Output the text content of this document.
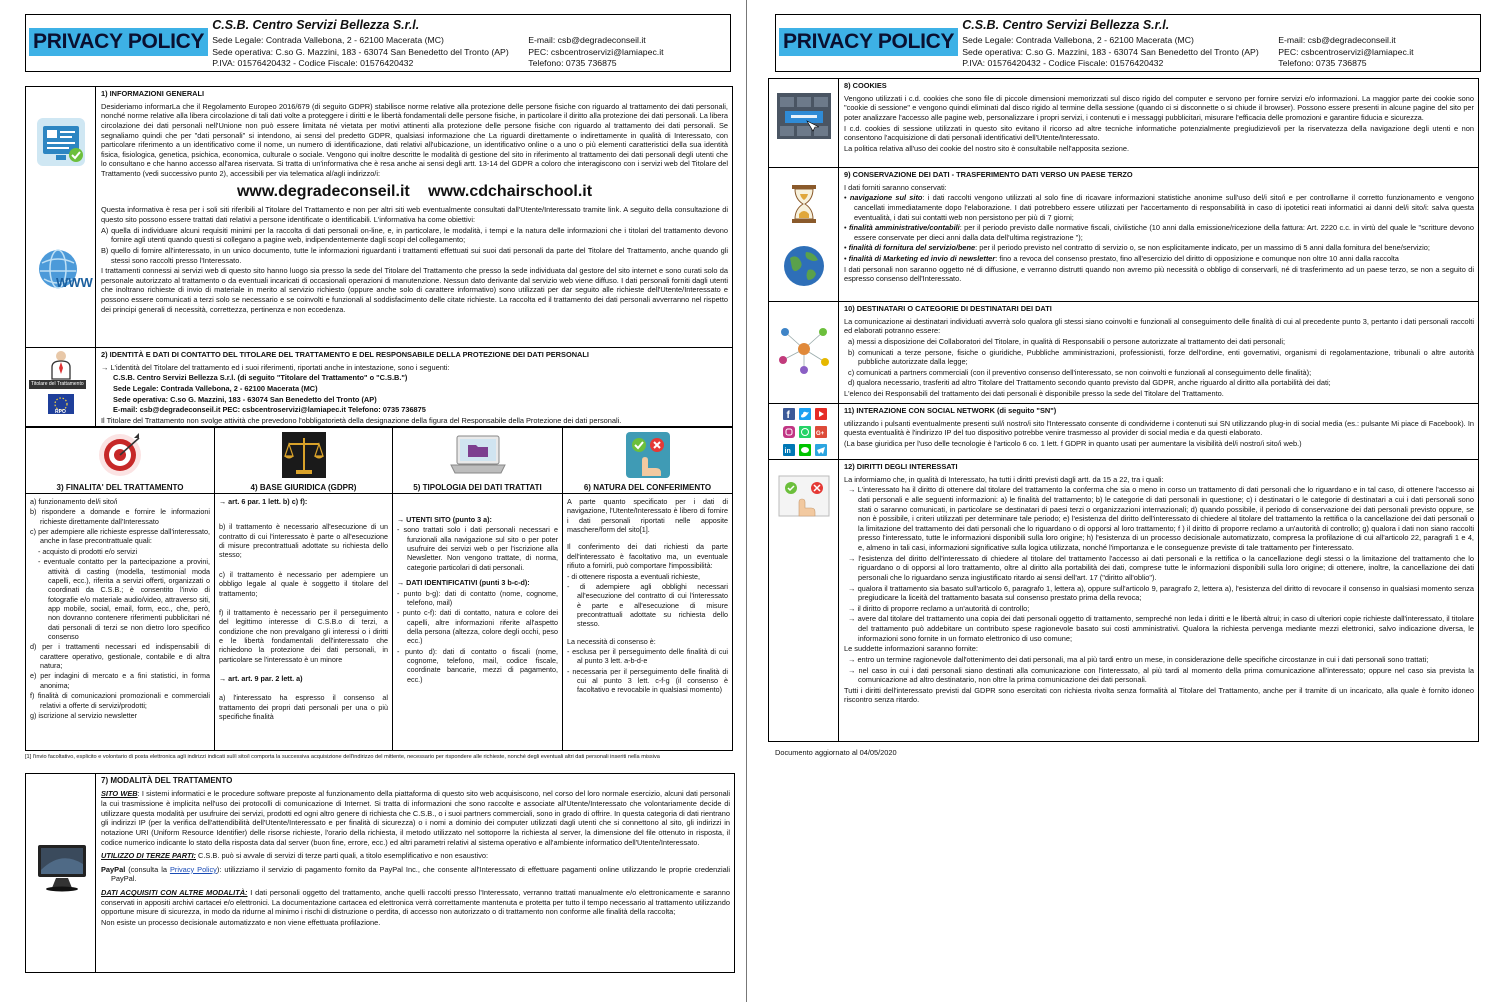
PRIVACY POLICY
C.S.B. Centro Servizi Bellezza S.r.l.
Sede Legale: Contrada Vallebona, 2 - 62100 Macerata (MC)	E-mail: csb@degradeconseil.it
Sede operativa: C.so G. Mazzini, 183 - 63074 San Benedetto del Tronto (AP)	PEC: csbcentroservizi@lamiapec.it
P.IVA: 01576420432 - Codice Fiscale: 01576420432	Telefono: 0735 736875
WWW
1) INFORMAZIONI GENERALI

Desideriamo informarLa che il Regolamento Europeo 2016/679 (di seguito GDPR) stabilisce norme relative alla protezione delle persone fisiche con riguardo al trattamento dei dati personali, nonché norme relative alla libera circolazione di tali dati volte a proteggere i diritti e le libertà fondamentali delle persone fisiche, in particolare il diritto alla protezione dei dati personali. La libera circolazione dei dati personali nell'Unione non può essere limitata né vietata per motivi attinenti alla protezione delle persone fisiche con riguardo al trattamento dei dati personali. Se segnaliamo quindi che per "dati personali" si intendono, ai sensi del predetto GDPR, qualsiasi informazione che La riguardi direttamente o indirettamente in qualità di Interessato, con particolare riferimento a un identificativo come il nome, un numero di identificazione, dati relativi all'ubicazione, un identificativo online o a uno o più elementi caratteristici della sua identità fisica, fisiologica, genetica, psichica, economica, culturale o sociale. Vengono qui inoltre descritte le modalità di gestione del sito in riferimento al trattamento dei dati personali degli utenti che lo consultano e che hanno accesso all'area riservata. Si tratta di un'informativa che è resa anche ai sensi degli artt. 13-14 del GDPR a coloro che interagiscono con i servizi web del Titolare del Trattamento (vedi successivo punto 2), accessibili per via telematica al/agli indirizzo/i:

www.degradeconseil.it www.cdchairschool.it

Questa informativa è resa per i soli siti riferibili al Titolare del Trattamento e non per altri siti web eventualmente consultati dall'Utente/Interessato tramite link. A seguito della consultazione di questo sito possono essere trattati dati relativi a persone identificate o identificabili. L'informativa ha come obiettivi:

A) quella di individuare alcuni requisiti minimi per la raccolta di dati personali on-line, e, in particolare, le modalità, i tempi e la natura delle informazioni che i titolari del trattamento devono fornire agli utenti quando questi si collegano a pagine web, indipendentemente dagli scopi del collegamento;

B) quello di fornire all'interessato, in un unico documento, tutte le informazioni riguardanti i trattamenti effettuati sui suoi dati personali da parte del Titolare del Trattamento, anche quando gli stessi sono raccolti presso l'Interessato.

I trattamenti connessi ai servizi web di questo sito hanno luogo sia presso la sede del Titolare del Trattamento che presso la sede individuata dal gestore del sito internet e sono curati solo da personale autorizzato al trattamento o da eventuali incaricati di occasionali operazioni di manutenzione. Nessun dato derivante dal servizio web viene diffuso. I dati personali forniti dagli utenti che inoltrano richieste di invio di materiale in merito al servizio richiesto (oppure anche solo di carattere informativo) sono utilizzati per dar seguito alle richieste dell'Utente/Interessato e possono essere comunicati a terzi solo se necessario e se coinvolti e funzionali al soddisfacimento delle citate richieste. La raccolta ed il trattamento dei dati personali avverranno nel rispetto dei principi generali di necessità, correttezza, pertinenza e non eccedenza.

Titolare del Trattamento
RPO
2) IDENTITÀ E DATI DI CONTATTO DEL TITOLARE DEL TRATTAMENTO E DEL RESPONSABILE DELLA PROTEZIONE DEI DATI PERSONALI

→ L'identità del Titolare del trattamento ed i suoi riferimenti, riportati anche in intestazione, sono i seguenti:

C.S.B. Centro Servizi Bellezza S.r.l. (di seguito "Titolare del Trattamento" o "C.S.B.")

Sede Legale: Contrada Vallebona, 2 - 62100 Macerata (MC)

Sede operativa: C.so G. Mazzini, 183 - 63074 San Benedetto del Tronto (AP)

E-mail: csb@degradeconseil.it PEC: csbcentroservizi@lamiapec.it Telefono: 0735 736875

Il Titolare del Trattamento non svolge attività che prevedono l'obbligatorietà della designazione della figura del Responsabile della Protezione dei dati personali.

3) FINALITA' DEL TRATTAMENTO

a) funzionamento del/i sito/i

b) rispondere a domande e fornire le informazioni richieste direttamente dall'Interessato

c) per adempiere alle richieste espresse dall'interessato, anche in fase precontrattuale quali:

- acquisto di prodotti e/o servizi

- eventuale contatto per la partecipazione a provini, attività di casting (modella, testimonial moda capelli, ecc.), riferita a servizi offerti, organizzati o coordinati da C.S.B.; è consentito l'invio di fotografie e/o materiale audio/video, attraverso siti, app mobile, social, email, form, ecc., che, però, non dovranno contenere riferimenti pubblicitari né dati personali di terzi se non dietro loro specifico consenso

d) per i trattamenti necessari ed indispensabili di carattere operativo, gestionale, contabile e di altra natura;

e) per indagini di mercato e a fini statistici, in forma anonima;

f) finalità di comunicazioni promozionali e commerciali relativi a offerte di servizi/prodotti;

g) iscrizione al servizio newsletter

4) BASE GIURIDICA (GDPR)

→ art. 6 par. 1 lett. b) c) f):

b) il trattamento è necessario all'esecuzione di un contratto di cui l'interessato è parte o all'esecuzione di misure precontrattuali adottate su richiesta dello stesso;

c) il trattamento è necessario per adempiere un obbligo legale al quale è soggetto il titolare del trattamento;

f) il trattamento è necessario per il perseguimento del legittimo interesse di C.S.B.o di terzi, a condizione che non prevalgano gli interessi o i diritti e le libertà fondamentali dell'interessato che richiedono la protezione dei dati personali, in particolare se l'interessato è un minore

→ art. art. 9 par. 2 lett. a)

a) l'interessato ha espresso il consenso al trattamento dei propri dati personali per una o più specifiche finalità

5) TIPOLOGIA DEI DATI TRATTATI

→ UTENTI SITO (punto 3 a):

- sono trattati solo i dati personali necessari e funzionali alla navigazione sul sito o per poter usufruire dei servizi web o per l'iscrizione alla Newsletter. Non vengono trattate, di norma, categorie particolari di dati personali.

→ DATI IDENTIFICATIVI (punti 3 b-c-d):

- punto b-g): dati di contatto (nome, cognome, telefono, mail)

- punto c-f): dati di contatto, natura e colore dei capelli, altre informazioni riferite all'aspetto della persona (altezza, colore degli occhi, peso ecc.)

- punto d): dati di contatto o fiscali (nome, cognome, telefono, mail, codice fiscale, coordinate bancarie, mezzi di pagamento, ecc.)

6) NATURA DEL CONFERIMENTO

A parte quanto specificato per i dati di navigazione, l'Utente/Interessato è libero di fornire i dati personali riportati nelle apposite maschere/form del sito[1].

Il conferimento dei dati richiesti da parte dell'interessato è facoltativo ma, un eventuale rifiuto a fornirli, può comportare l'impossibilità:

- di ottenere risposta a eventuali richieste,

- di adempiere agli obblighi necessari all'esecuzione del contratto di cui l'interessato è parte e all'esecuzione di misure precontrattuali adottate su richiesta dello stesso.

La necessità di consenso è:

- esclusa per il perseguimento delle finalità di cui al punto 3 lett. a-b-d-e

- necessaria per il perseguimento delle finalità di cui al punto 3 lett. c-f-g (il consenso è facoltativo e revocabile in qualsiasi momento)

[1] l'invio facoltativo, esplicito e volontario di posta elettronica agli indirizzi indicati sul/i sito/i comporta la successiva acquisizione dell'indirizzo del mittente, necessario per rispondere alle richieste, nonché degli eventuali altri dati personali inseriti nella missiva
7) MODALITÀ DEL TRATTAMENTO

SITO WEB: I sistemi informatici e le procedure software preposte al funzionamento della piattaforma di questo sito web acquisiscono, nel corso del loro normale esercizio, alcuni dati personali la cui trasmissione è implicita nell'uso dei protocolli di comunicazione di Internet. Si tratta di informazioni che sono raccolte e associate all'Utente/Interessato che volontariamente decide di utilizzare questa modalità per usufruire dei servizi, prodotti ed ogni altro genere di richiesta che C.S.B., o i suoi partners commerciali, sono in grado di offrire. In questa categoria di dati rientrano gli indirizzi IP (per la verifica dell'attendibilità dell'Utente/Interessato e per finalità di sicurezza) o i nomi a dominio dei computer utilizzati dagli utenti che si connettono al sito, gli indirizzi in notazione URI (Uniform Resource Identifier) delle risorse richieste, l'orario della richiesta, il metodo utilizzato nel sottoporre la richiesta al server, la dimensione del file ottenuto in risposta, il codice numerico indicante lo stato della risposta data dal server (buon fine, errore, ecc.) ed altri parametri relativi al sistema operativo e all'ambiente informatico dell'Utente/Interessato.

UTILIZZO DI TERZE PARTI: C.S.B. può si avvale di servizi di terze parti quali, a titolo esemplificativo e non esaustivo:

PayPal (consulta la Privacy Policy): utilizziamo il servizio di pagamento fornito da PayPal Inc., che consente all'Interessato di effettuare pagamenti online utilizzando le proprie credenziali PayPal.

DATI ACQUISITI CON ALTRE MODALITÀ: I dati personali oggetto del trattamento, anche quelli raccolti presso l'Interessato, verranno trattati manualmente e/o elettronicamente e saranno conservati in appositi archivi cartacei e/o elettronici. La documentazione cartacea ed elettronica verrà correttamente mantenuta e protetta per tutto il tempo necessario al trattamento utilizzando opportune misure di sicurezza, in modo da ridurne al minimo i rischi di distruzione o perdita, di accesso non autorizzato o di trattamento non conforme alle finalità della raccolta;

Non esiste un processo decisionale automatizzato e non viene effettuata profilazione.

PRIVACY POLICY
C.S.B. Centro Servizi Bellezza S.r.l.
Sede Legale: Contrada Vallebona, 2 - 62100 Macerata (MC)	E-mail: csb@degradeconseil.it
Sede operativa: C.so G. Mazzini, 183 - 63074 San Benedetto del Tronto (AP)	PEC: csbcentroservizi@lamiapec.it
P.IVA: 01576420432 - Codice Fiscale: 01576420432	Telefono: 0735 736875
8) COOKIES

Vengono utilizzati i c.d. cookies che sono file di piccole dimensioni memorizzati sul disco rigido del computer e servono per fornire servizi e/o informazioni. La maggior parte dei cookie sono "cookie di sessione" e vengono quindi eliminati dal disco rigido al termine della sessione (quando ci si disconnette o si chiude il browser). Possono essere presenti in alcune pagine del sito per poter analizzare l'accesso alle pagine web, personalizzare i propri servizi, i contenuti e i messaggi pubblicitari, misurare l'efficacia delle promozioni e garantire fiducia e sicurezza.

I c.d. cookies di sessione utilizzati in questo sito evitano il ricorso ad altre tecniche informatiche potenzialmente pregiudizievoli per la riservatezza della navigazione degli utenti e non consentono l'acquisizione di dati personali identificativi dell'Utente/Interessato.

La politica relativa all'uso dei cookie del nostro sito è consultabile nell'apposita sezione.

9) CONSERVAZIONE DEI DATI - TRASFERIMENTO DATI VERSO UN PAESE TERZO

I dati forniti saranno conservati:

• navigazione sul sito: i dati raccolti vengono utilizzati al solo fine di ricavare informazioni statistiche anonime sull'uso del/i sito/i e per controllarne il corretto funzionamento e vengono cancellati immediatamente dopo l'elaborazione. I dati potrebbero essere utilizzati per l'accertamento di responsabilità in caso di ipotetici reati informatici ai danni del/i sito/i: salva questa eventualità, i dati sui contatti web non persistono per più di 7 giorni;

• finalità amministrative/contabili: per il periodo previsto dalle normative fiscali, civilistiche (10 anni dalla emissione/ricezione della fattura: Art. 2220 c.c. in virtù del quale le "scritture devono essere conservate per dieci anni dalla data dell'ultima registrazione ");

• finalità di fornitura del servizio/bene: per il periodo previsto nel contratto di servizio o, se non esplicitamente indicato, per un massimo di 5 anni dalla fornitura del bene/servizio;

• finalità di Marketing ed invio di newsletter: fino a revoca del consenso prestato, fino all'esercizio del diritto di opposizione e comunque non oltre 10 anni dalla raccolta

I dati personali non saranno oggetto né di diffusione, e verranno distrutti quando non avremo più necessità o obbligo di conservarli, né di trasferimento ad un paese terzo, se non a seguito di espresso consenso dell'Interessato.

10) DESTINATARI O CATEGORIE DI DESTINATARI DEI DATI

La comunicazione ai destinatari individuati avverrà solo qualora gli stessi siano coinvolti e funzionali al conseguimento delle finalità di cui al precedente punto 3, pertanto i dati personali raccolti ed elaborati potranno essere:

a) messi a disposizione dei Collaboratori del Titolare, in qualità di Responsabili o persone autorizzate al trattamento dei dati personali;

b) comunicati a terze persone, fisiche o giuridiche, Pubbliche amministrazioni, professionisti, forze dell'ordine, enti governativi, organismi di regolamentazione, tribunali o altre autorità pubbliche autorizzate dalla legge;

c) comunicati a partners commerciali (con il preventivo consenso dell'interessato, se non coinvolti e funzionali al conseguimento delle finalità);

d) qualora necessario, trasferiti ad altro Titolare del Trattamento secondo quanto previsto dal GDPR, anche riguardo al diritto alla portabilità dei dati;

L'elenco dei Responsabili del trattamento dei dati personali è disponibile presso la sede del Titolare del Trattamento.

f
G+
in
11) INTERAZIONE CON SOCIAL NETWORK (di seguito "SN")

utilizzando i pulsanti eventualmente presenti sul/i nostro/i sito l'Interessato consente di condividerne i contenuti sui SN utilizzando plug-in di social media (es.: pulsante Mi piace di Facebook). In questa eventualità è l'indirizzo IP del tuo dispositivo potrebbe venire trasmesso al provider di social media e da questi elaborato.

(La base giuridica per l'uso delle tecnologie è l'articolo 6 co. 1 lett. f GDPR in quanto usati per aumentare la visibilità del/i nostro/i sito/i web.)

12) DIRITTI DEGLI INTERESSATI

La informiamo che, in qualità di Interessato, ha tutti i diritti previsti dagli artt. da 15 a 22, tra i quali:

→ L'interessato ha il diritto di ottenere dal titolare del trattamento la conferma che sia o meno in corso un trattamento di dati personali che lo riguardano e in tal caso, di ottenere l'accesso ai dati personali e alle seguenti informazioni: a) le finalità del trattamento; b) le categorie di dati personali in questione; c) i destinatari o le categorie di destinatari a cui i dati personali sono stati o saranno comunicati, in particolare se destinatari di paesi terzi o organizzazioni internazionali; d) quando possibile, il periodo di conservazione dei dati personali previsto oppure, se non è possibile, i criteri utilizzati per determinare tale periodo; e) l'esistenza del diritto dell'interessato di chiedere al titolare del trattamento la rettifica o la cancellazione dei dati personali o la limitazione del trattamento dei dati personali che lo riguardano o di opporsi al loro trattamento; f ) il diritto di proporre reclamo a un'autorità di controllo; g) qualora i dati non siano raccolti presso l'interessato, tutte le informazioni disponibili sulla loro origine; h) l'esistenza di un processo decisionale automatizzato, compresa la profilazione di cui all'articolo 22, paragrafi 1 e 4, e, almeno in tali casi, informazioni significative sulla logica utilizzata, nonché l'importanza e le conseguenze previste di tale trattamento per l'interessato.

→ l'esistenza del diritto dell'interessato di chiedere al titolare del trattamento l'accesso ai dati personali e la rettifica o la cancellazione degli stessi o la limitazione del trattamento che lo riguardano o di opporsi al loro trattamento, oltre al diritto alla portabilità dei dati, comprese tutte le informazioni disponibili sulla loro origine; di ottenere, inoltre, la cancellazione dei dati personali che lo riguardano senza ingiustificato ritardo ai sensi dell'art. 17 ("diritto all'oblio").

→ qualora il trattamento sia basato sull'articolo 6, paragrafo 1, lettera a), oppure sull'articolo 9, paragrafo 2, lettera a), l'esistenza del diritto di revocare il consenso in qualsiasi momento senza pregiudicare la liceità del trattamento basata sul consenso prestato prima della revoca;

→ il diritto di proporre reclamo a un'autorità di controllo;

→ avere dal titolare del trattamento una copia dei dati personali oggetto di trattamento, sempreché non leda i diritti e le libertà altrui; in caso di ulteriori copie richieste dall'interessato, il titolare del trattamento può addebitare un contributo spese ragionevole basato sui costi amministrativi. Qualora la richiesta pervenga mediante mezzi elettronici, salvo indicazione diversa, le informazioni sono fornite in un formato elettronico di uso comune;

Le suddette informazioni saranno fornite:

→ entro un termine ragionevole dall'ottenimento dei dati personali, ma al più tardi entro un mese, in considerazione delle specifiche circostanze in cui i dati personali sono trattati;

→ nel caso in cui i dati personali siano destinati alla comunicazione con l'interessato, al più tardi al momento della prima comunicazione all'interessato; oppure nel caso sia prevista la comunicazione ad altro destinatario, non oltre la prima comunicazione dei dati personali.

Tutti i diritti dell'interessato previsti dal GDPR sono esercitati con richiesta rivolta senza formalità al Titolare del Trattamento, anche per il tramite di un incaricato, alla quale è fornito idoneo riscontro senza ritardo.

Documento aggiornato al 04/05/2020
